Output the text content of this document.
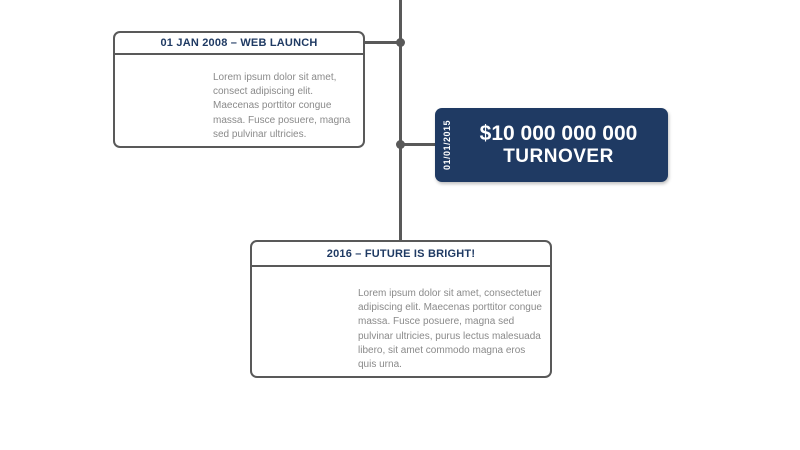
01 JAN 2008 – WEB LAUNCH
Lorem ipsum dolor sit amet, consect adipiscing elit. Maecenas porttitor congue massa. Fusce posuere, magna sed pulvinar ultricies.	01/01/2015 $10 000 000 000
TURNOVER
2016 – FUTURE IS BRIGHT!
Lorem ipsum dolor sit amet, consectetuer adipiscing elit. Maecenas porttitor congue massa. Fusce posuere, magna sed pulvinar ultricies, purus lectus malesuada libero, sit amet commodo magna eros quis urna.
